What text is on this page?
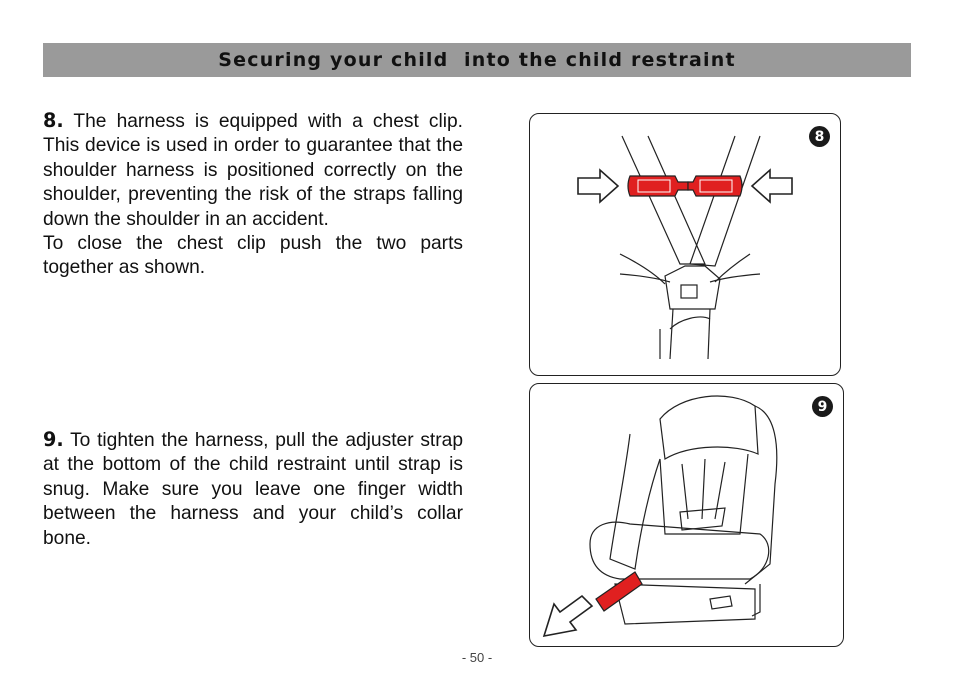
Securing your child  into the child restraint
8. The harness is equipped with a chest clip. This device is used in order to guarantee that the shoulder harness is positioned correctly on the shoulder, preventing the risk of the straps falling down the shoulder in an accident.
To close the chest clip push the two parts together as shown.
9. To tighten the harness, pull the adjuster strap at the bottom of the child restraint until strap is snug. Make sure you leave one finger width between the harness and your child’s collar bone.
8
9
- 50 -
